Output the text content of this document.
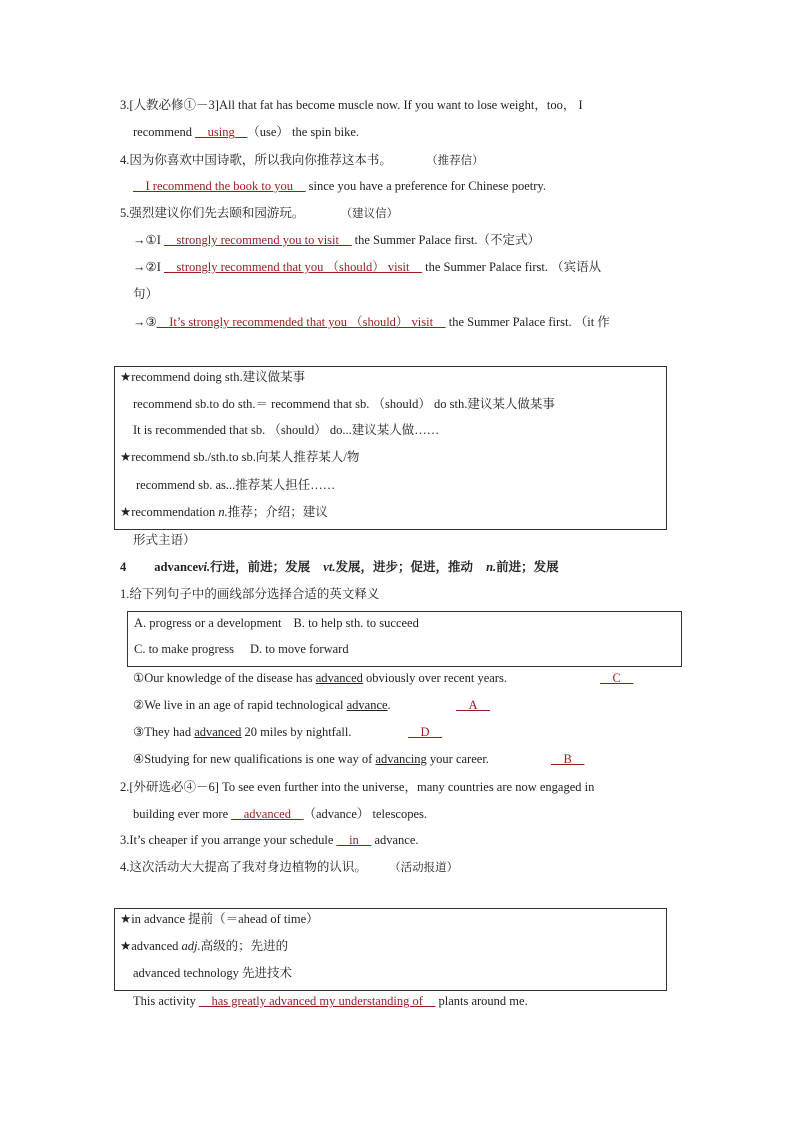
3.[人教必修①－3]All that fat has become muscle now. If you want to lose weight，too， I
recommend __using__（use） the spin bike.
4.因为你喜欢中国诗歌，所以我向你推荐这本书。	（推荐信）
__I recommend the book to you__ since you have a preference for Chinese poetry.
5.强烈建议你们先去颐和园游玩。	（建议信）
→①I __strongly recommend you to visit__ the Summer Palace first.（不定式）
→②I __strongly recommend that you （should） visit__ the Summer Palace first. （宾语从
句）
→③__It’s strongly recommended that you （should） visit__ the Summer Palace first. （it 作
★recommend doing sth.建议做某事
recommend sb.to do sth.＝ recommend that sb. （should） do sth.建议某人做某事
It is recommended that sb. （should） do...建议某人做……
★recommend sb./sth.to sb.向某人推荐某人/物
recommend sb. as...推荐某人担任……
★recommendation n.推荐；介绍；建议
形式主语）
4 advancevi.行进，前进；发展 vt.发展，进步；促进，推动 n.前进；发展
1.给下列句子中的画线部分选择合适的英文释义
A. progress or a development B. to help sth. to succeed
C. to make progress D. to move forward
①Our knowledge of the disease has advanced obviously over recent years.	__C__
②We live in an age of rapid technological advance.	__A__
③They had advanced 20 miles by nightfall.	__D__
④Studying for new qualifications is one way of advancing your career.	__B__
2.[外研选必④－6] To see even further into the universe，many countries are now engaged in
building ever more __advanced__（advance） telescopes.
3.It’s cheaper if you arrange your schedule __in__ advance.
4.这次活动大大提高了我对身边植物的认识。 （活动报道）
★in advance 提前（＝ahead of time）
★advanced adj.高级的；先进的
advanced technology 先进技术
This activity __has greatly advanced my understanding of__ plants around me.
